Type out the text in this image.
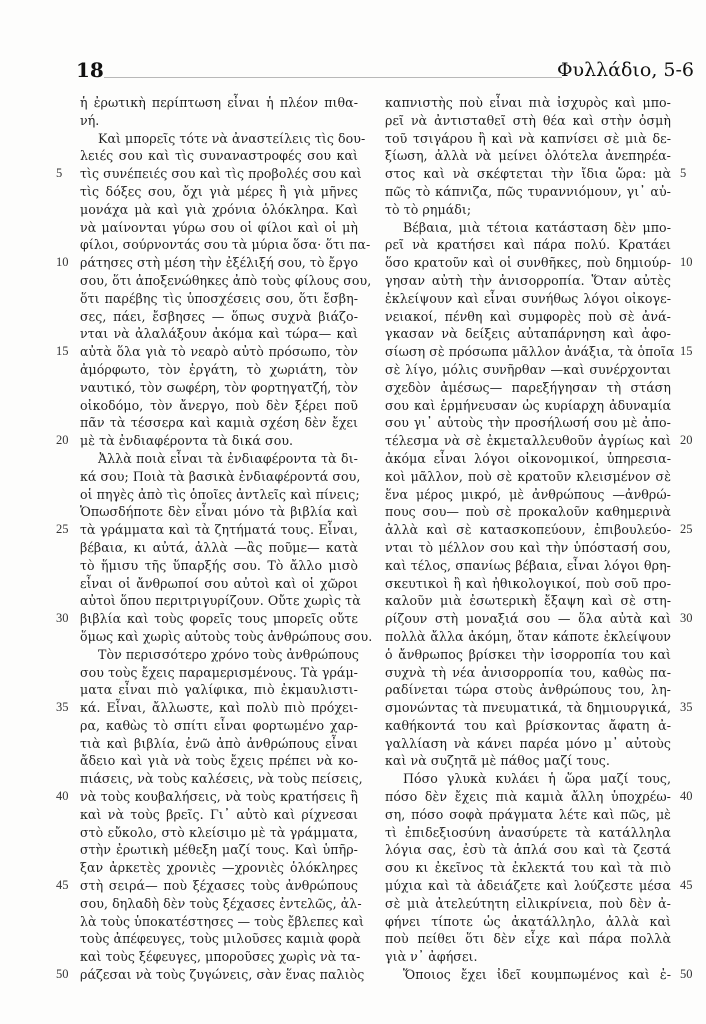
18	Φυλλάδιο, 5-6
ἡ ἐρωτικὴ περίπτωση εἶναι ἡ πλέον πιθα-
νή.
Καὶ μπορεῖς τότε νὰ ἀναστείλεις τὶς δου-
λειές σου καὶ τὶς συναναστροφές σου καὶ
5 τὶς συνέπειές σου καὶ τὶς προβολές σου καὶ
τὶς δόξες σου, ὄχι γιὰ μέρες ἢ γιὰ μῆνες
μονάχα μὰ καὶ γιὰ χρόνια ὁλόκληρα. Καὶ
νὰ μαίνονται γύρω σου οἱ φίλοι καὶ οἱ μὴ
φίλοι, σούρνοντάς σου τὰ μύρια ὅσα· ὅτι πα-
10 ράτησες στὴ μέση τὴν ἐξέλιξή σου, τὸ ἔργο
σου, ὅτι ἀποξενώθηκες ἀπὸ τοὺς φίλους σου,
ὅτι παρέβης τὶς ὑποσχέσεις σου, ὅτι ἔσβη-
σες, πάει, ἔσβησες — ὅπως συχνὰ βιάζο-
νται νὰ ἀλαλάξουν ἀκόμα καὶ τώρα— καὶ
15 αὐτὰ ὅλα γιὰ τὸ νεαρὸ αὐτὸ πρόσωπο, τὸν
ἀμόρφωτο, τὸν ἐργάτη, τὸ χωριάτη, τὸν
ναυτικό, τὸν σωφέρη, τὸν φορτηγατζή, τὸν
οἰκοδόμο, τὸν ἄνεργο, ποὺ δὲν ξέρει ποῦ
πᾶν τὰ τέσσερα καὶ καμιὰ σχέση δὲν ἔχει
20 μὲ τὰ ἐνδιαφέροντα τὰ δικά σου.
Ἀλλὰ ποιὰ εἶναι τὰ ἐνδιαφέροντα τὰ δι-
κά σου; Ποιὰ τὰ βασικὰ ἐνδιαφέροντά σου,
οἱ πηγὲς ἀπὸ τὶς ὁποῖες ἀντλεῖς καὶ πίνεις;
Ὁπωσδήποτε δὲν εἶναι μόνο τὰ βιβλία καὶ
25 τὰ γράμματα καὶ τὰ ζητήματά τους. Εἶναι,
βέβαια, κι αὐτά, ἀλλὰ —ἂς ποῦμε— κατὰ
τὸ ἥμισυ τῆς ὕπαρξής σου. Τὸ ἄλλο μισὸ
εἶναι οἱ ἄνθρωποί σου αὐτοὶ καὶ οἱ χῶροι
αὐτοὶ ὅπου περιτριγυρίζουν. Οὔτε χωρὶς τὰ
30 βιβλία καὶ τοὺς φορεῖς τους μπορεῖς οὔτε
ὅμως καὶ χωρὶς αὐτοὺς τοὺς ἀνθρώπους σου.
Τὸν περισσότερο χρόνο τοὺς ἀνθρώπους
σου τοὺς ἔχεις παραμερισμένους. Τὰ γράμ-
ματα εἶναι πιὸ γαλίφικα, πιὸ ἐκμαυλιστι-
35 κά. Εἶναι, ἄλλωστε, καὶ πολὺ πιὸ πρόχει-
ρα, καθὼς τὸ σπίτι εἶναι φορτωμένο χαρ-
τιὰ καὶ βιβλία, ἐνῶ ἀπὸ ἀνθρώπους εἶναι
ἄδειο καὶ γιὰ νὰ τοὺς ἔχεις πρέπει νὰ κο-
πιάσεις, νὰ τοὺς καλέσεις, νὰ τοὺς πείσεις,
40 νὰ τοὺς κουβαλήσεις, νὰ τοὺς κρατήσεις ἢ
καὶ νὰ τοὺς βρεῖς. Γι᾽ αὐτὸ καὶ ρίχνεσαι
στὸ εὔκολο, στὸ κλείσιμο μὲ τὰ γράμματα,
στὴν ἐρωτικὴ μέθεξη μαζί τους. Καὶ ὑπῆρ-
ξαν ἀρκετὲς χρονιὲς —χρονιὲς ὁλόκληρες
45 στὴ σειρά— ποὺ ξέχασες τοὺς ἀνθρώπους
σου, δηλαδὴ δὲν τοὺς ξέχασες ἐντελῶς, ἀλ-
λὰ τοὺς ὑποκατέστησες — τοὺς ἔβλεπες καὶ
τοὺς ἀπέφευγες, τοὺς μιλοῦσες καμιὰ φορὰ
καὶ τοὺς ξέφευγες, μποροῦσες χωρὶς νὰ τα-
50 ράζεσαι νὰ τοὺς ζυγώνεις, σὰν ἕνας παλιὸς
καπνιστὴς ποὺ εἶναι πιὰ ἰσχυρὸς καὶ μπο-
ρεῖ νὰ ἀντισταθεῖ στὴ θέα καὶ στὴν ὀσμὴ
τοῦ τσιγάρου ἢ καὶ νὰ καπνίσει σὲ μιὰ δε-
ξίωση, ἀλλὰ νὰ μείνει ὁλότελα ἀνεπηρέα-
5
στος καὶ νὰ σκέφτεται τὴν ἴδια ὥρα: μὰ
πῶς τὸ κάπνιζα, πῶς τυραννιόμουν, γι᾽ αὐ-
τὸ τὸ ρημάδι;
Βέβαια, μιὰ τέτοια κατάσταση δὲν μπο-
ρεῖ νὰ κρατήσει καὶ πάρα πολύ. Κρατάει
10
ὅσο κρατοῦν καὶ οἱ συνθῆκες, ποὺ δημιούρ-
γησαν αὐτὴ τὴν ἀνισορροπία. Ὅταν αὐτὲς
ἐκλείψουν καὶ εἶναι συνήθως λόγοι οἰκογε-
νειακοί, πένθη καὶ συμφορὲς ποὺ σὲ ἀνά-
γκασαν νὰ δείξεις αὐταπάρνηση καὶ ἀφο-
15
σίωση σὲ πρόσωπα μᾶλλον ἀνάξια, τὰ ὁποῖα
σὲ λίγο, μόλις συνῆρθαν —καὶ συνέρχονται
σχεδὸν ἀμέσως— παρεξήγησαν τὴ στάση
σου καὶ ἑρμήνευσαν ὡς κυρίαρχη ἀδυναμία
σου γι᾽ αὐτοὺς τὴν προσήλωσή σου μὲ ἀπο-
20
τέλεσμα νὰ σὲ ἐκμεταλλευθοῦν ἀγρίως καὶ
ἀκόμα εἶναι λόγοι οἰκονομικοί, ὑπηρεσια-
κοὶ μᾶλλον, ποὺ σὲ κρατοῦν κλεισμένον σὲ
ἕνα μέρος μικρό, μὲ ἀνθρώπους —ἀνθρώ-
πους σου— ποὺ σὲ προκαλοῦν καθημερινὰ
25
ἀλλὰ καὶ σὲ κατασκοπεύουν, ἐπιβουλεύο-
νται τὸ μέλλον σου καὶ τὴν ὑπόστασή σου,
καὶ τέλος, σπανίως βέβαια, εἶναι λόγοι θρη-
σκευτικοὶ ἢ καὶ ἠθικολογικοί, ποὺ σοῦ προ-
καλοῦν μιὰ ἐσωτερικὴ ἔξαψη καὶ σὲ στη-
30
ρίζουν στὴ μοναξιά σου — ὅλα αὐτὰ καὶ
πολλὰ ἄλλα ἀκόμη, ὅταν κάποτε ἐκλείψουν
ὁ ἄνθρωπος βρίσκει τὴν ἰσορροπία του καὶ
συχνὰ τὴ νέα ἀνισορροπία του, καθὼς πα-
ραδίνεται τώρα στοὺς ἀνθρώπους του, λη-
35
σμονώντας τὰ πνευματικά, τὰ δημιουργικά,
καθήκοντά του καὶ βρίσκοντας ἄφατη ἀ-
γαλλίαση νὰ κάνει παρέα μόνο μ᾽ αὐτοὺς
καὶ νὰ συζητᾶ μὲ πάθος μαζί τους.
Πόσο γλυκὰ κυλάει ἡ ὥρα μαζί τους,
40
πόσο δὲν ἔχεις πιὰ καμιὰ ἄλλη ὑποχρέω-
ση, πόσο σοφὰ πράγματα λέτε καὶ πῶς, μὲ
τὶ ἐπιδεξιοσύνη ἀνασύρετε τὰ κατάλληλα
λόγια σας, ἐσὺ τὰ ἁπλά σου καὶ τὰ ζεστά
σου κι ἐκεῖνος τὰ ἐκλεκτά του καὶ τὰ πιὸ
45
μύχια καὶ τὰ ἀδειάζετε καὶ λούζεστε μέσα
σὲ μιὰ ἀτελεύτητη εἰλικρίνεια, ποὺ δὲν ἀ-
φήνει τίποτε ὡς ἀκατάλληλο, ἀλλὰ καὶ
ποὺ πείθει ὅτι δὲν εἶχε καὶ πάρα πολλὰ
γιὰ ν᾽ ἀφήσει.
50
Ὅποιος ἔχει ἰδεῖ κουμπωμένος καὶ ἐ-
